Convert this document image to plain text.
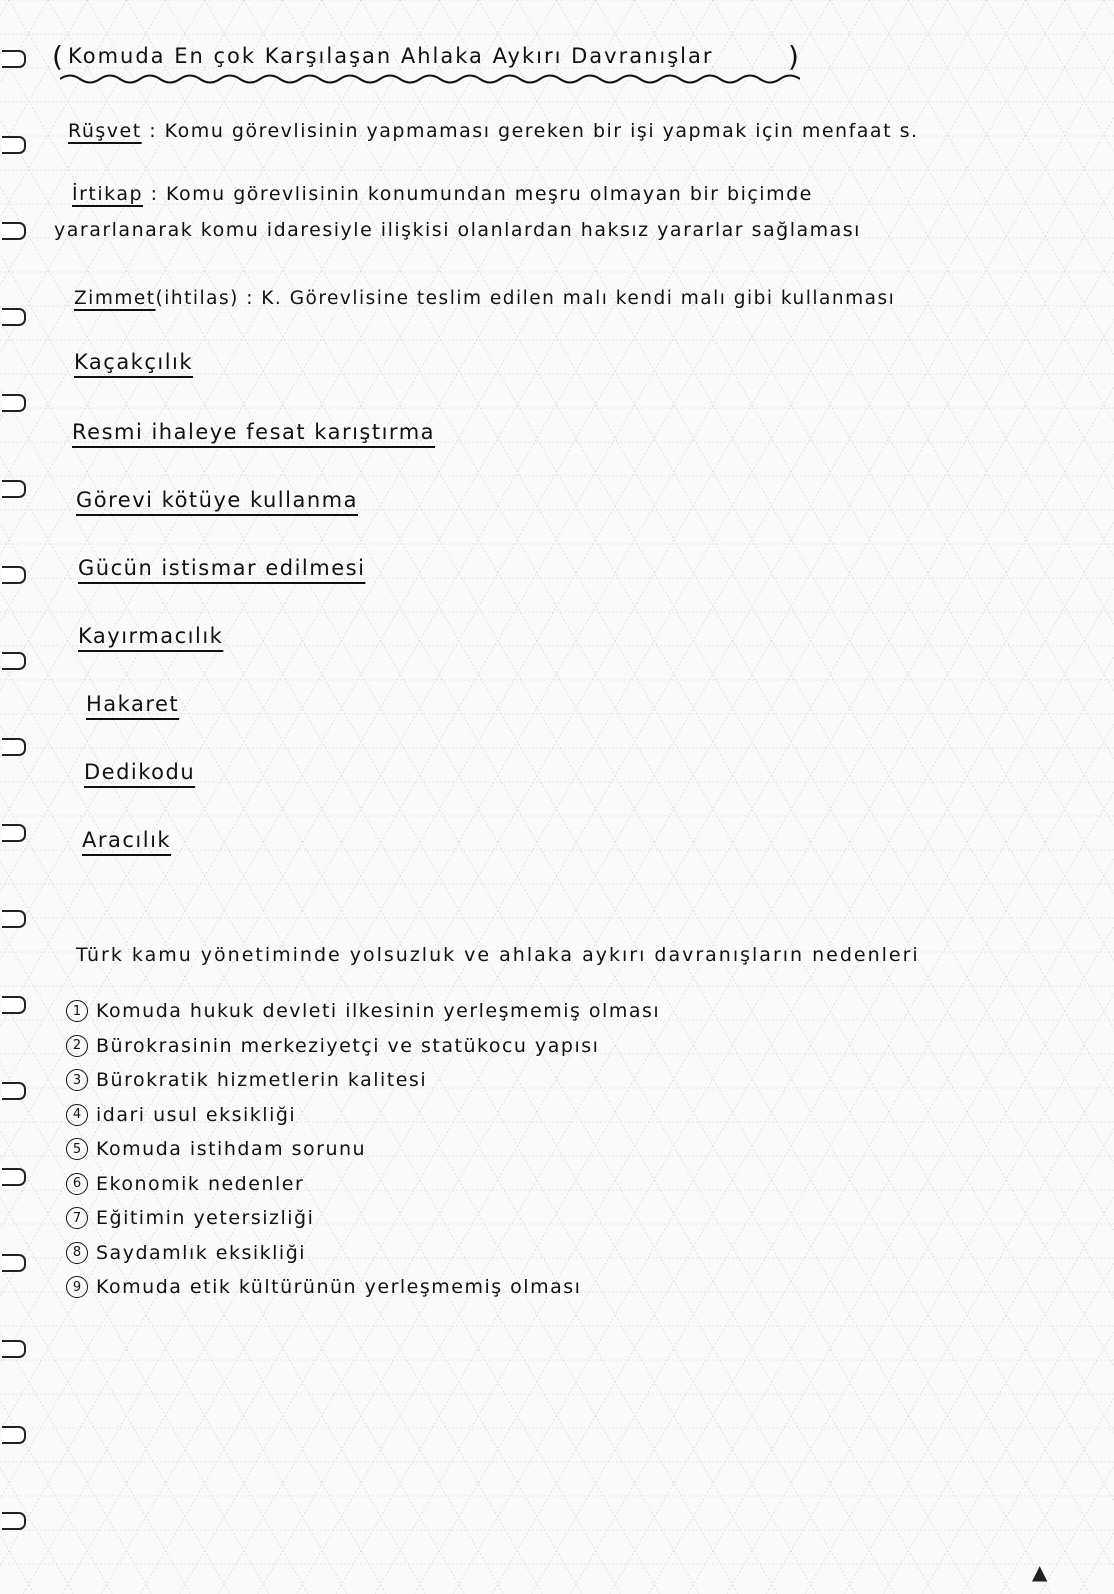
( Komuda En çok Karşılaşan Ahlaka Aykırı Davranışlar	)
Rüşvet : Komu görevlisinin yapmaması gereken bir işi yapmak için menfaat s.
İrtikap : Komu görevlisinin konumundan meşru olmayan bir biçimde
yararlanarak komu idaresiyle ilişkisi olanlardan haksız yararlar sağlaması
Zimmet(ihtilas) : K. Görevlisine teslim edilen malı kendi malı gibi kullanması
Kaçakçılık
Resmi ihaleye fesat karıştırma
Görevi kötüye kullanma
Gücün istismar edilmesi
Kayırmacılık
Hakaret
Dedikodu
Aracılık
Türk kamu yönetiminde yolsuzluk ve ahlaka aykırı davranışların nedenleri
1 Komuda hukuk devleti ilkesinin yerleşmemiş olması
2 Bürokrasinin merkeziyetçi ve statükocu yapısı
3 Bürokratik hizmetlerin kalitesi
4 idari usul eksikliği
5 Komuda istihdam sorunu
6 Ekonomik nedenler
7 Eğitimin yetersizliği
8 Saydamlık eksikliği
9 Komuda etik kültürünün yerleşmemiş olması
▲
